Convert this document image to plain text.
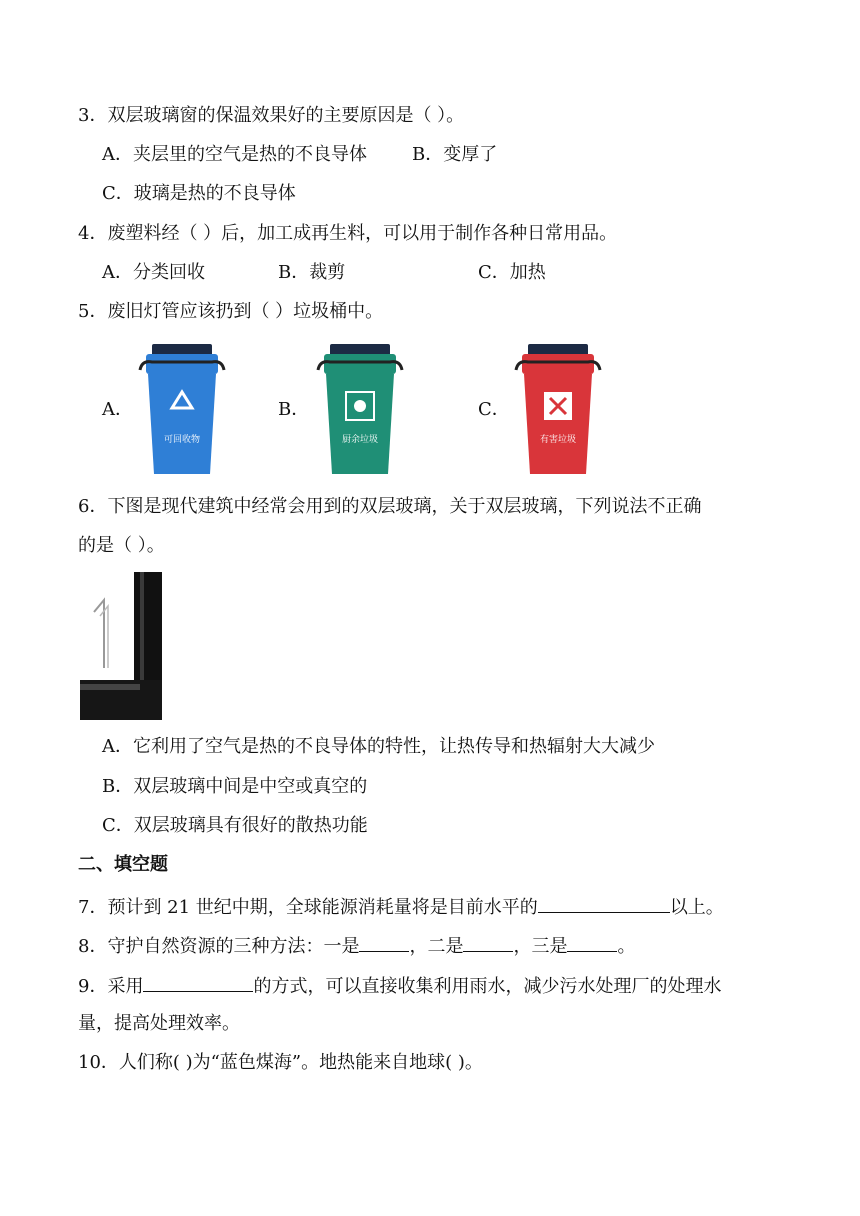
3．双层玻璃窗的保温效果好的主要原因是（ ）。
A．夹层里的空气是热的不良导体	B．变厚了
C．玻璃是热的不良导体
4．废塑料经（ ）后，加工成再生料，可以用于制作各种日常用品。
A．分类回收	B．裁剪	C．加热
5．废旧灯管应该扔到（ ）垃圾桶中。
A．	B．	C．
可回收物	厨余垃圾	有害垃圾
6．下图是现代建筑中经常会用到的双层玻璃，关于双层玻璃，下列说法不正确
的是（ ）。
A．它利用了空气是热的不良导体的特性，让热传导和热辐射大大减少
B．双层玻璃中间是中空或真空的
C．双层玻璃具有很好的散热功能
二、填空题
7．预计到 21 世纪中期，全球能源消耗量将是目前水平的	以上。
8．守护自然资源的三种方法：一是	，二是	，三是	。
9．采用	的方式，可以直接收集利用雨水，减少污水处理厂的处理水
量，提高处理效率。
10．人们称( )为“蓝色煤海”。地热能来自地球( )。
